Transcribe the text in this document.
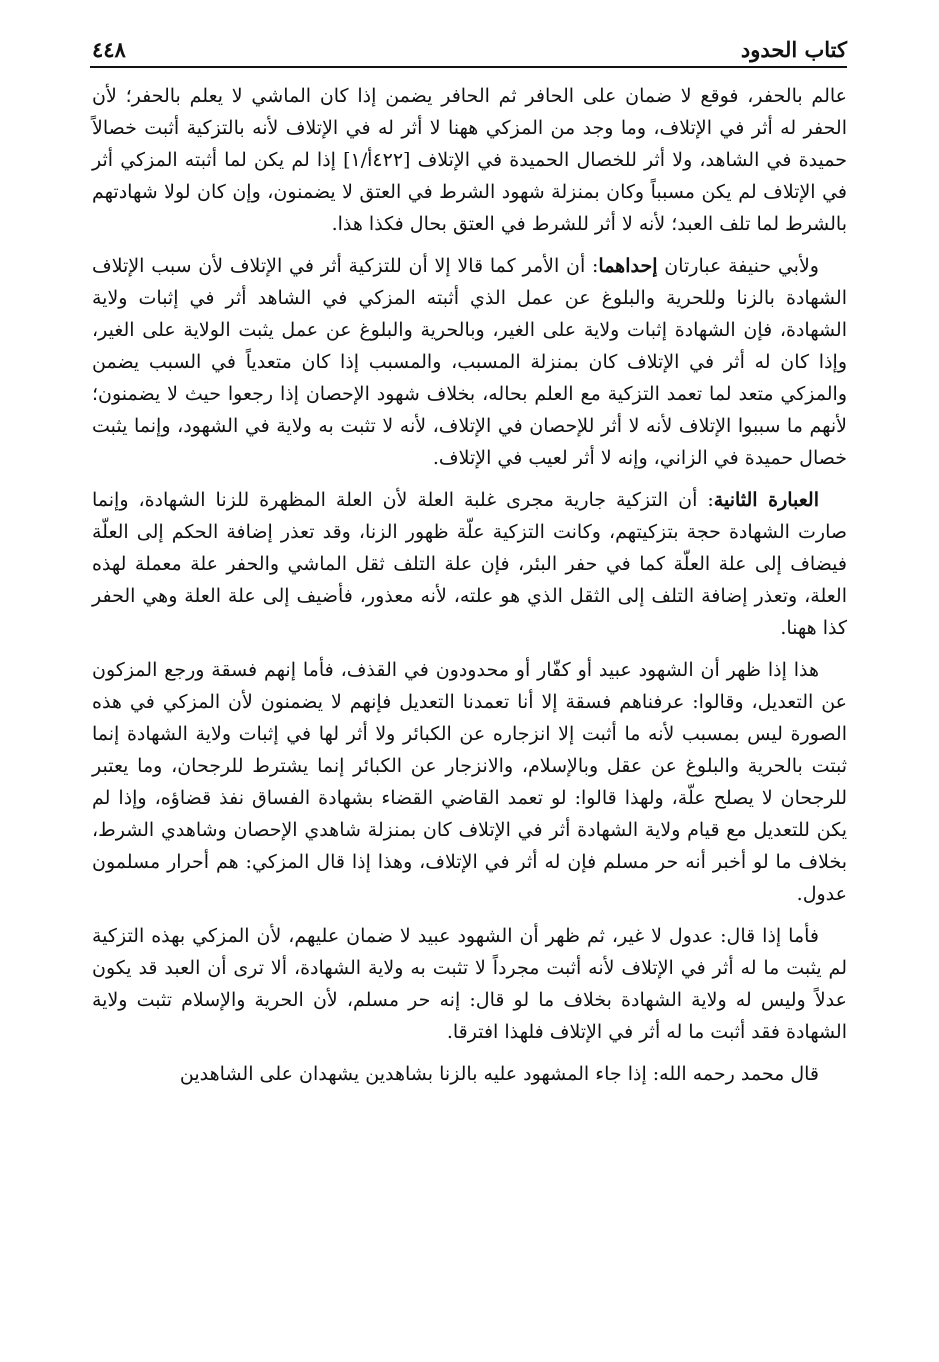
كتاب الحدود
٤٤٨

عالم بالحفر، فوقع لا ضمان على الحافر ثم الحافر يضمن إذا كان الماشي لا يعلم بالحفر؛ لأن الحفر له أثر في الإتلاف، وما وجد من المزكي ههنا لا أثر له في الإتلاف لأنه بالتزكية أثبت خصالاً حميدة في الشاهد، ولا أثر للخصال الحميدة في الإتلاف [٤٢٢أ/١] إذا لم يكن لما أثبته المزكي أثر في الإتلاف لم يكن مسبباً وكان بمنزلة شهود الشرط في العتق لا يضمنون، وإن كان لولا شهادتهم بالشرط لما تلف العبد؛ لأنه لا أثر للشرط في العتق بحال فكذا هذا.

ولأبي حنيفة عبارتان إحداهما: أن الأمر كما قالا إلا أن للتزكية أثر في الإتلاف لأن سبب الإتلاف الشهادة بالزنا وللحرية والبلوغ عن عمل الذي أثبته المزكي في الشاهد أثر في إثبات ولاية الشهادة، فإن الشهادة إثبات ولاية على الغير، وبالحرية والبلوغ عن عمل يثبت الولاية على الغير، وإذا كان له أثر في الإتلاف كان بمنزلة المسبب، والمسبب إذا كان متعدياً في السبب يضمن والمزكي متعد لما تعمد التزكية مع العلم بحاله، بخلاف شهود الإحصان إذا رجعوا حيث لا يضمنون؛ لأنهم ما سببوا الإتلاف لأنه لا أثر للإحصان في الإتلاف، لأنه لا تثبت به ولاية في الشهود، وإنما يثبت خصال حميدة في الزاني، وإنه لا أثر لعيب في الإتلاف.

العبارة الثانية: أن التزكية جارية مجرى غلبة العلة لأن العلة المظهرة للزنا الشهادة، وإنما صارت الشهادة حجة بتزكيتهم، وكانت التزكية علّة ظهور الزنا، وقد تعذر إضافة الحكم إلى العلّة فيضاف إلى علة العلّة كما في حفر البئر، فإن علة التلف ثقل الماشي والحفر علة معملة لهذه العلة، وتعذر إضافة التلف إلى الثقل الذي هو علته، لأنه معذور، فأضيف إلى علة العلة وهي الحفر كذا ههنا.

هذا إذا ظهر أن الشهود عبيد أو كفّار أو محدودون في القذف، فأما إنهم فسقة ورجع المزكون عن التعديل، وقالوا: عرفناهم فسقة إلا أنا تعمدنا التعديل فإنهم لا يضمنون لأن المزكي في هذه الصورة ليس بمسبب لأنه ما أثبت إلا انزجاره عن الكبائر ولا أثر لها في إثبات ولاية الشهادة إنما ثبتت بالحرية والبلوغ عن عقل وبالإسلام، والانزجار عن الكبائر إنما يشترط للرجحان، وما يعتبر للرجحان لا يصلح علّة، ولهذا قالوا: لو تعمد القاضي القضاء بشهادة الفساق نفذ قضاؤه، وإذا لم يكن للتعديل مع قيام ولاية الشهادة أثر في الإتلاف كان بمنزلة شاهدي الإحصان وشاهدي الشرط، بخلاف ما لو أخبر أنه حر مسلم فإن له أثر في الإتلاف، وهذا إذا قال المزكي: هم أحرار مسلمون عدول.

فأما إذا قال: عدول لا غير، ثم ظهر أن الشهود عبيد لا ضمان عليهم، لأن المزكي بهذه التزكية لم يثبت ما له أثر في الإتلاف لأنه أثبت مجرداً لا تثبت به ولاية الشهادة، ألا ترى أن العبد قد يكون عدلاً وليس له ولاية الشهادة بخلاف ما لو قال: إنه حر مسلم، لأن الحرية والإسلام تثبت ولاية الشهادة فقد أثبت ما له أثر في الإتلاف فلهذا افترقا.

قال محمد رحمه الله: إذا جاء المشهود عليه بالزنا بشاهدين يشهدان على الشاهدين
